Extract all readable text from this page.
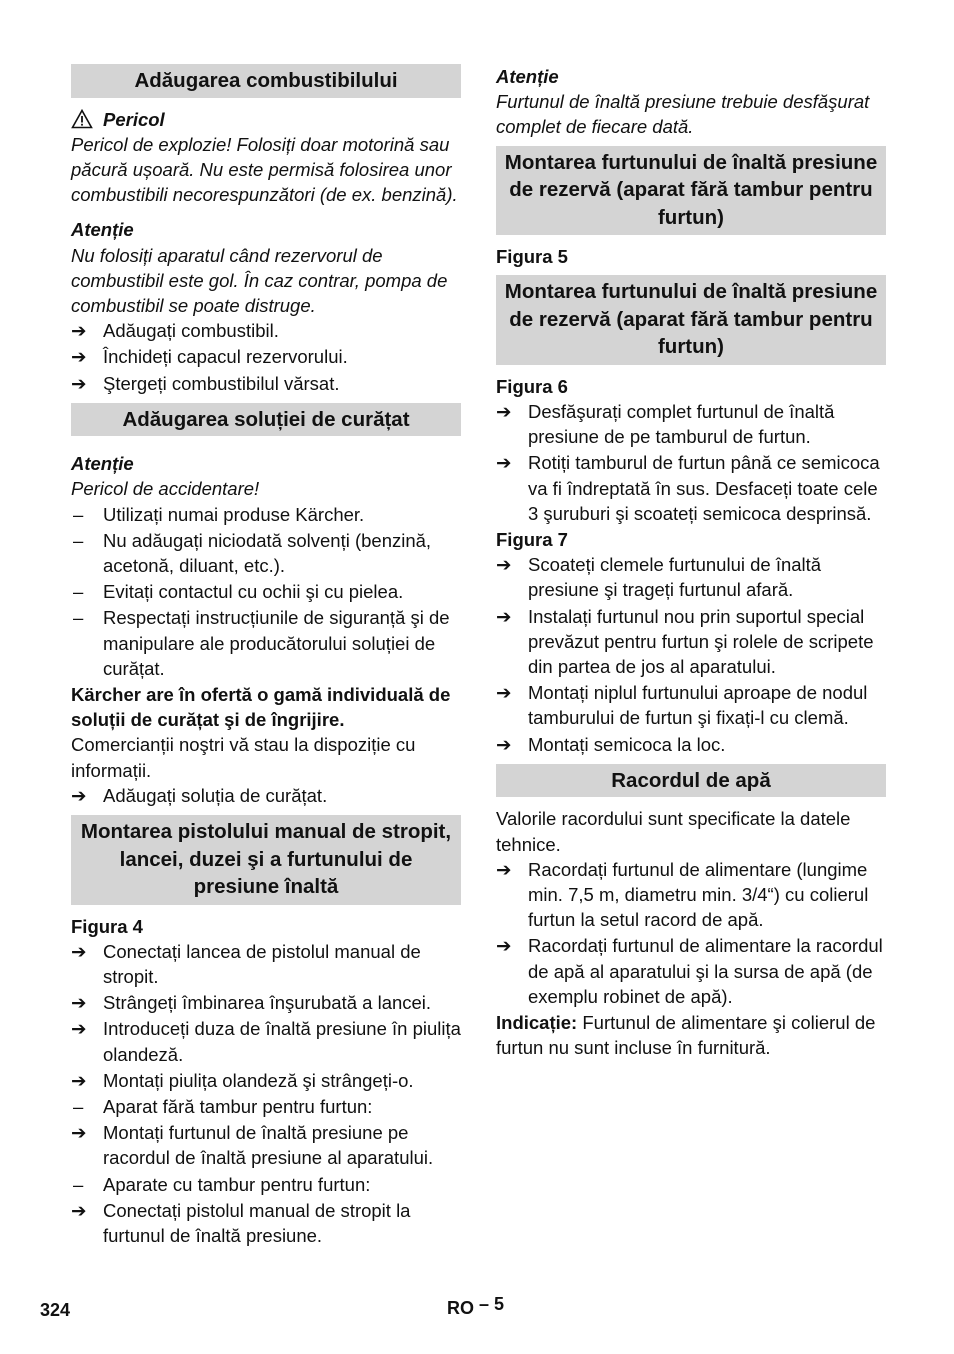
Adăugarea combustibilului
Pericol

Pericol de explozie! Folosiți doar motorină sau păcură ușoară. Nu este permisă folosirea unor combustibili necorespunzători (de ex. benzină).

Atenție

Nu folosiți aparatul când rezervorul de combustibil este gol. În caz contrar, pompa de combustibil se poate distruge.

➔ Adăugați combustibil.
➔ Închideți capacul rezervorului.
➔ Ştergeți combustibilul vărsat.
Adăugarea soluției de curățat

Atenție

Pericol de accidentare!

–	Utilizați numai produse Kärcher.
–	Nu adăugați niciodată solvenți (benzină, acetonă, diluant, etc.).
–	Evitați contactul cu ochii şi cu pielea.
–	Respectați instrucțiunile de siguranță şi de manipulare ale producătorului soluției de curățat.

Kärcher are în ofertă o gamă individuală de soluții de curățat şi de îngrijire.

Comercianții noştri vă stau la dispoziție cu informații.

➔ Adăugați soluția de curățat.
Montarea pistolului manual de stropit, lancei, duzei şi a furtunului de presiune înaltă

Figura 4

➔ Conectați lancea de pistolul manual de stropit.
➔ Strângeți îmbinarea înşurubată a lancei.
➔ Introduceți duza de înaltă presiune în piulița olandeză.
➔ Montați piulița olandeză şi strângeți-o.
–	Aparat fără tambur pentru furtun:
➔ Montați furtunul de înaltă presiune pe racordul de înaltă presiune al aparatului.
–	Aparate cu tambur pentru furtun:
➔ Conectați pistolul manual de stropit la furtunul de înaltă presiune.

Atenție

Furtunul de înaltă presiune trebuie desfăşurat complet de fiecare dată.

Montarea furtunului de înaltă presiune de rezervă (aparat fără tambur pentru furtun)

Figura 5

Montarea furtunului de înaltă presiune de rezervă (aparat fără tambur pentru furtun)

Figura 6

➔ Desfăşurați complet furtunul de înaltă presiune de pe tamburul de furtun.
➔ Rotiți tamburul de furtun până ce semicoca va fi îndreptată în sus. Desfaceți toate cele 3 şuruburi şi scoateți semicoca desprinsă.

Figura 7

➔ Scoateți clemele furtunului de înaltă presiune şi trageți furtunul afară.
➔ Instalați furtunul nou prin suportul special prevăzut pentru furtun şi rolele de scripete din partea de jos al aparatului.
➔ Montați niplul furtunului aproape de nodul tamburului de furtun şi fixați-l cu clemă.
➔ Montați semicoca la loc.
Racordul de apă

Valorile racordului sunt specificate la datele tehnice.

➔ Racordați furtunul de alimentare (lungime min. 7,5 m, diametru min. 3/4“) cu colierul furtun la setul racord de apă.
➔ Racordați furtunul de alimentare la racordul de apă al aparatului şi la sursa de apă (de exemplu robinet de apă).

Indicație: Furtunul de alimentare şi colierul de furtun nu sunt incluse în furnitură.

324	RO – 5
